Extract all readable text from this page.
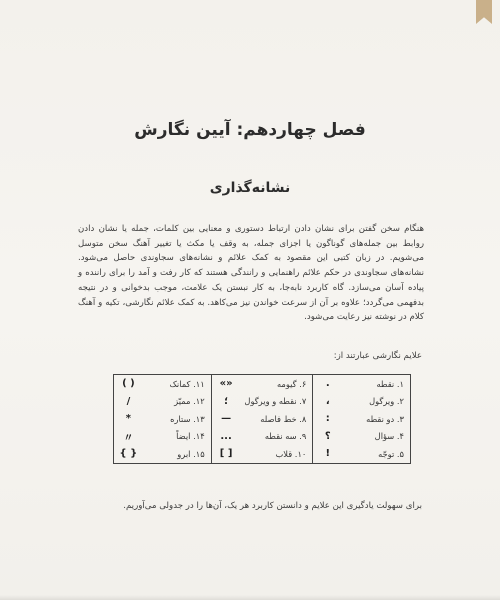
فصل چهاردهم: آیین نگارش
نشانه‌گذاری

هنگام سخن گفتن برای نشان دادن ارتباط دستوری و معنایی بین کلمات، جمله یا نشان دادن روابط بین جمله‌های گوناگون یا اجزای جمله، به وقف یا مکث یا تغییر آهنگ سخن متوسل می‌شویم. در زبان کتبی این مقصود به کمک علائم و نشانه‌های سجاوندی حاصل می‌شود. نشانه‌های سجاوندی در حکم علائم راهنمایی و رانندگی هستند که کار رفت و آمد را برای راننده و پیاده آسان می‌سازد. گاه کاربرد نابه‌جا، به کار نبستن یک علامت، موجب بدخوانی و در نتیجه بدفهمی می‌گردد؛ علاوه بر آن از سرعت خواندن نیز می‌کاهد. به کمک علائم نگارشی، تکیه و آهنگ کلام در نوشته نیز رعایت می‌شود.

علایم نگارشی عبارتند از:
۱. نقطه	.	۶. گیومه	«»	۱۱. کمانک	( )
۲. ویرگول	،	۷. نقطه و ویرگول	؛	۱۲. ممیّز	/
۳. دو نقطه	:	۸. خط فاصله	—	۱۳. ستاره	*
۴. سؤال	؟	۹. سه نقطه	...	۱۴. ایضاً	〃
۵. توجّه	!	۱۰. قلاب	[ ]	۱۵. ابرو	{ }
برای سهولت یادگیری این علایم و دانستن کاربرد هر یک، آن‌ها را در جدولی می‌آوریم.
